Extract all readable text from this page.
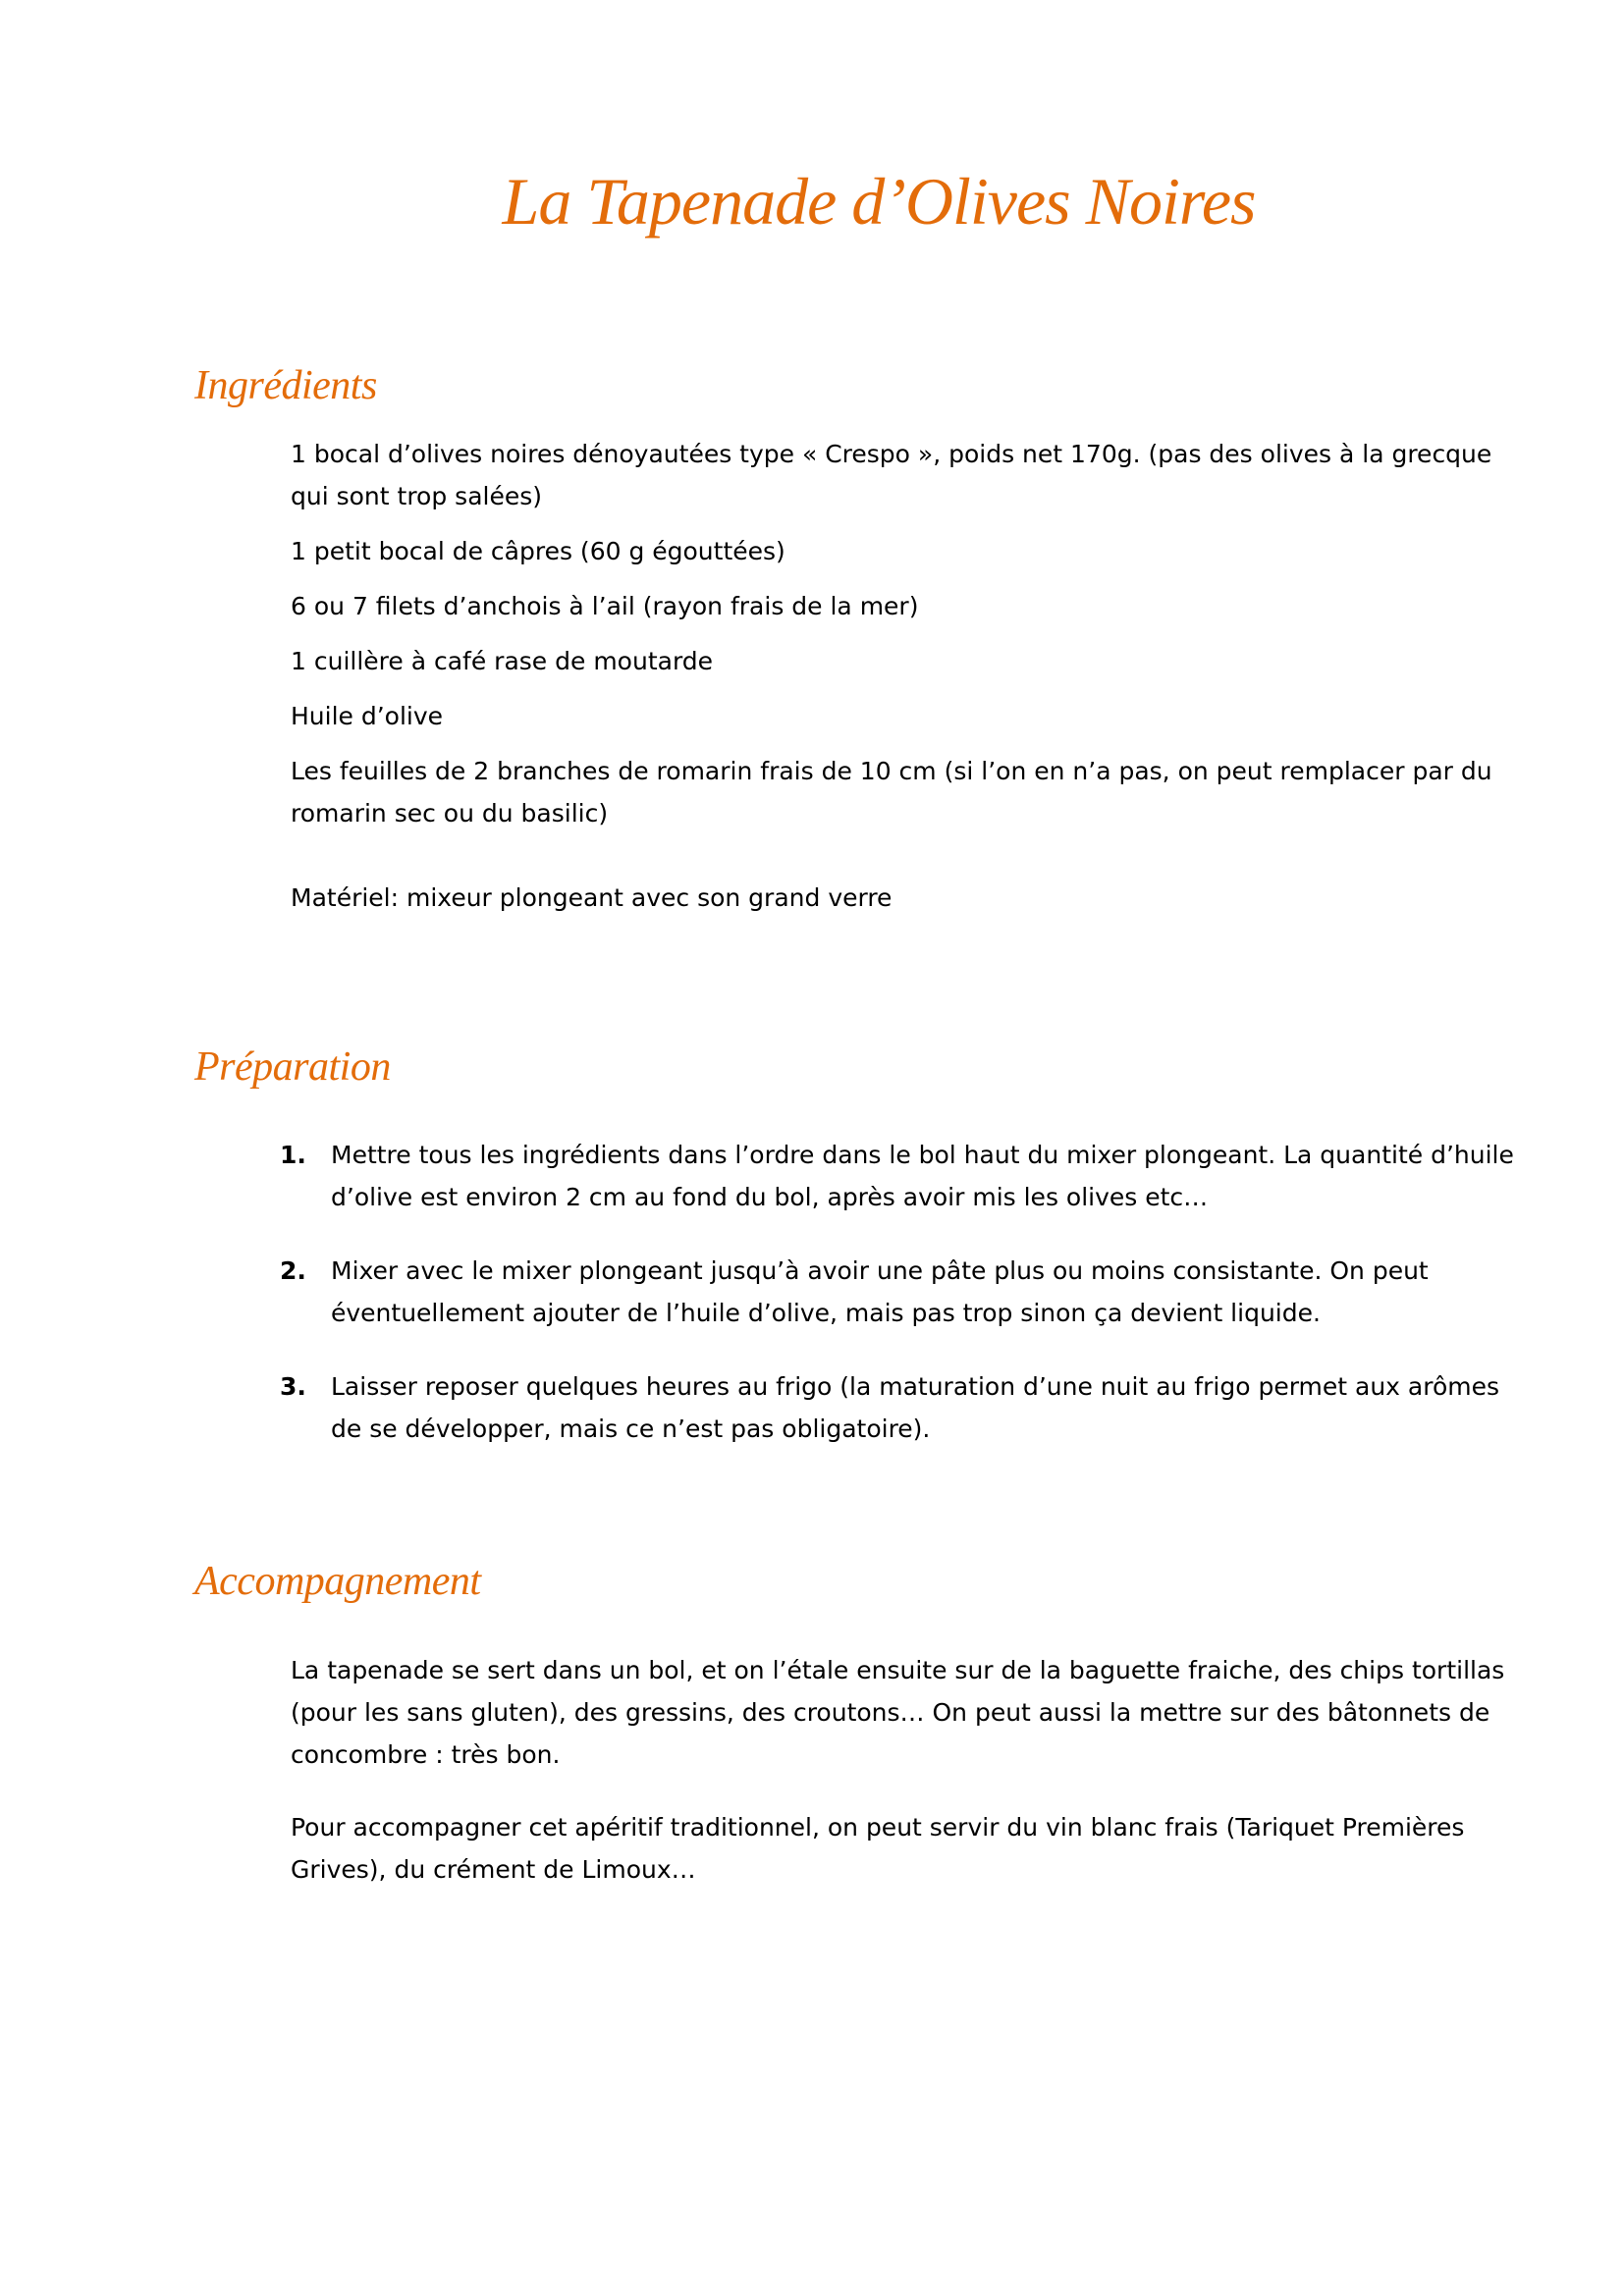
La Tapenade d’Olives Noires
Ingrédients

1 bocal d’olives noires dénoyautées type « Crespo », poids net 170g. (pas des olives à la grecque qui sont trop salées)

1 petit bocal de câpres (60 g égouttées)

6 ou 7 filets d’anchois à l’ail (rayon frais de la mer)

1 cuillère à café rase de moutarde

Huile d’olive

Les feuilles de 2 branches de romarin frais de 10 cm (si l’on en n’a pas, on peut remplacer par du romarin sec ou du basilic)

Matériel: mixeur plongeant avec son grand verre

Préparation
1. Mettre tous les ingrédients dans l’ordre dans le bol haut du mixer plongeant. La quantité d’huile d’olive est environ 2 cm au fond du bol, après avoir mis les olives etc…
2. Mixer avec le mixer plongeant jusqu’à avoir une pâte plus ou moins consistante. On peut éventuellement ajouter de l’huile d’olive, mais pas trop sinon ça devient liquide.
3. Laisser reposer quelques heures au frigo (la maturation d’une nuit au frigo permet aux arômes de se développer, mais ce n’est pas obligatoire).
Accompagnement

La tapenade se sert dans un bol, et on l’étale ensuite sur de la baguette fraiche, des chips tortillas (pour les sans gluten), des gressins, des croutons… On peut aussi la mettre sur des bâtonnets de concombre : très bon.

Pour accompagner cet apéritif traditionnel, on peut servir du vin blanc frais (Tariquet Premières Grives), du crément de Limoux…
